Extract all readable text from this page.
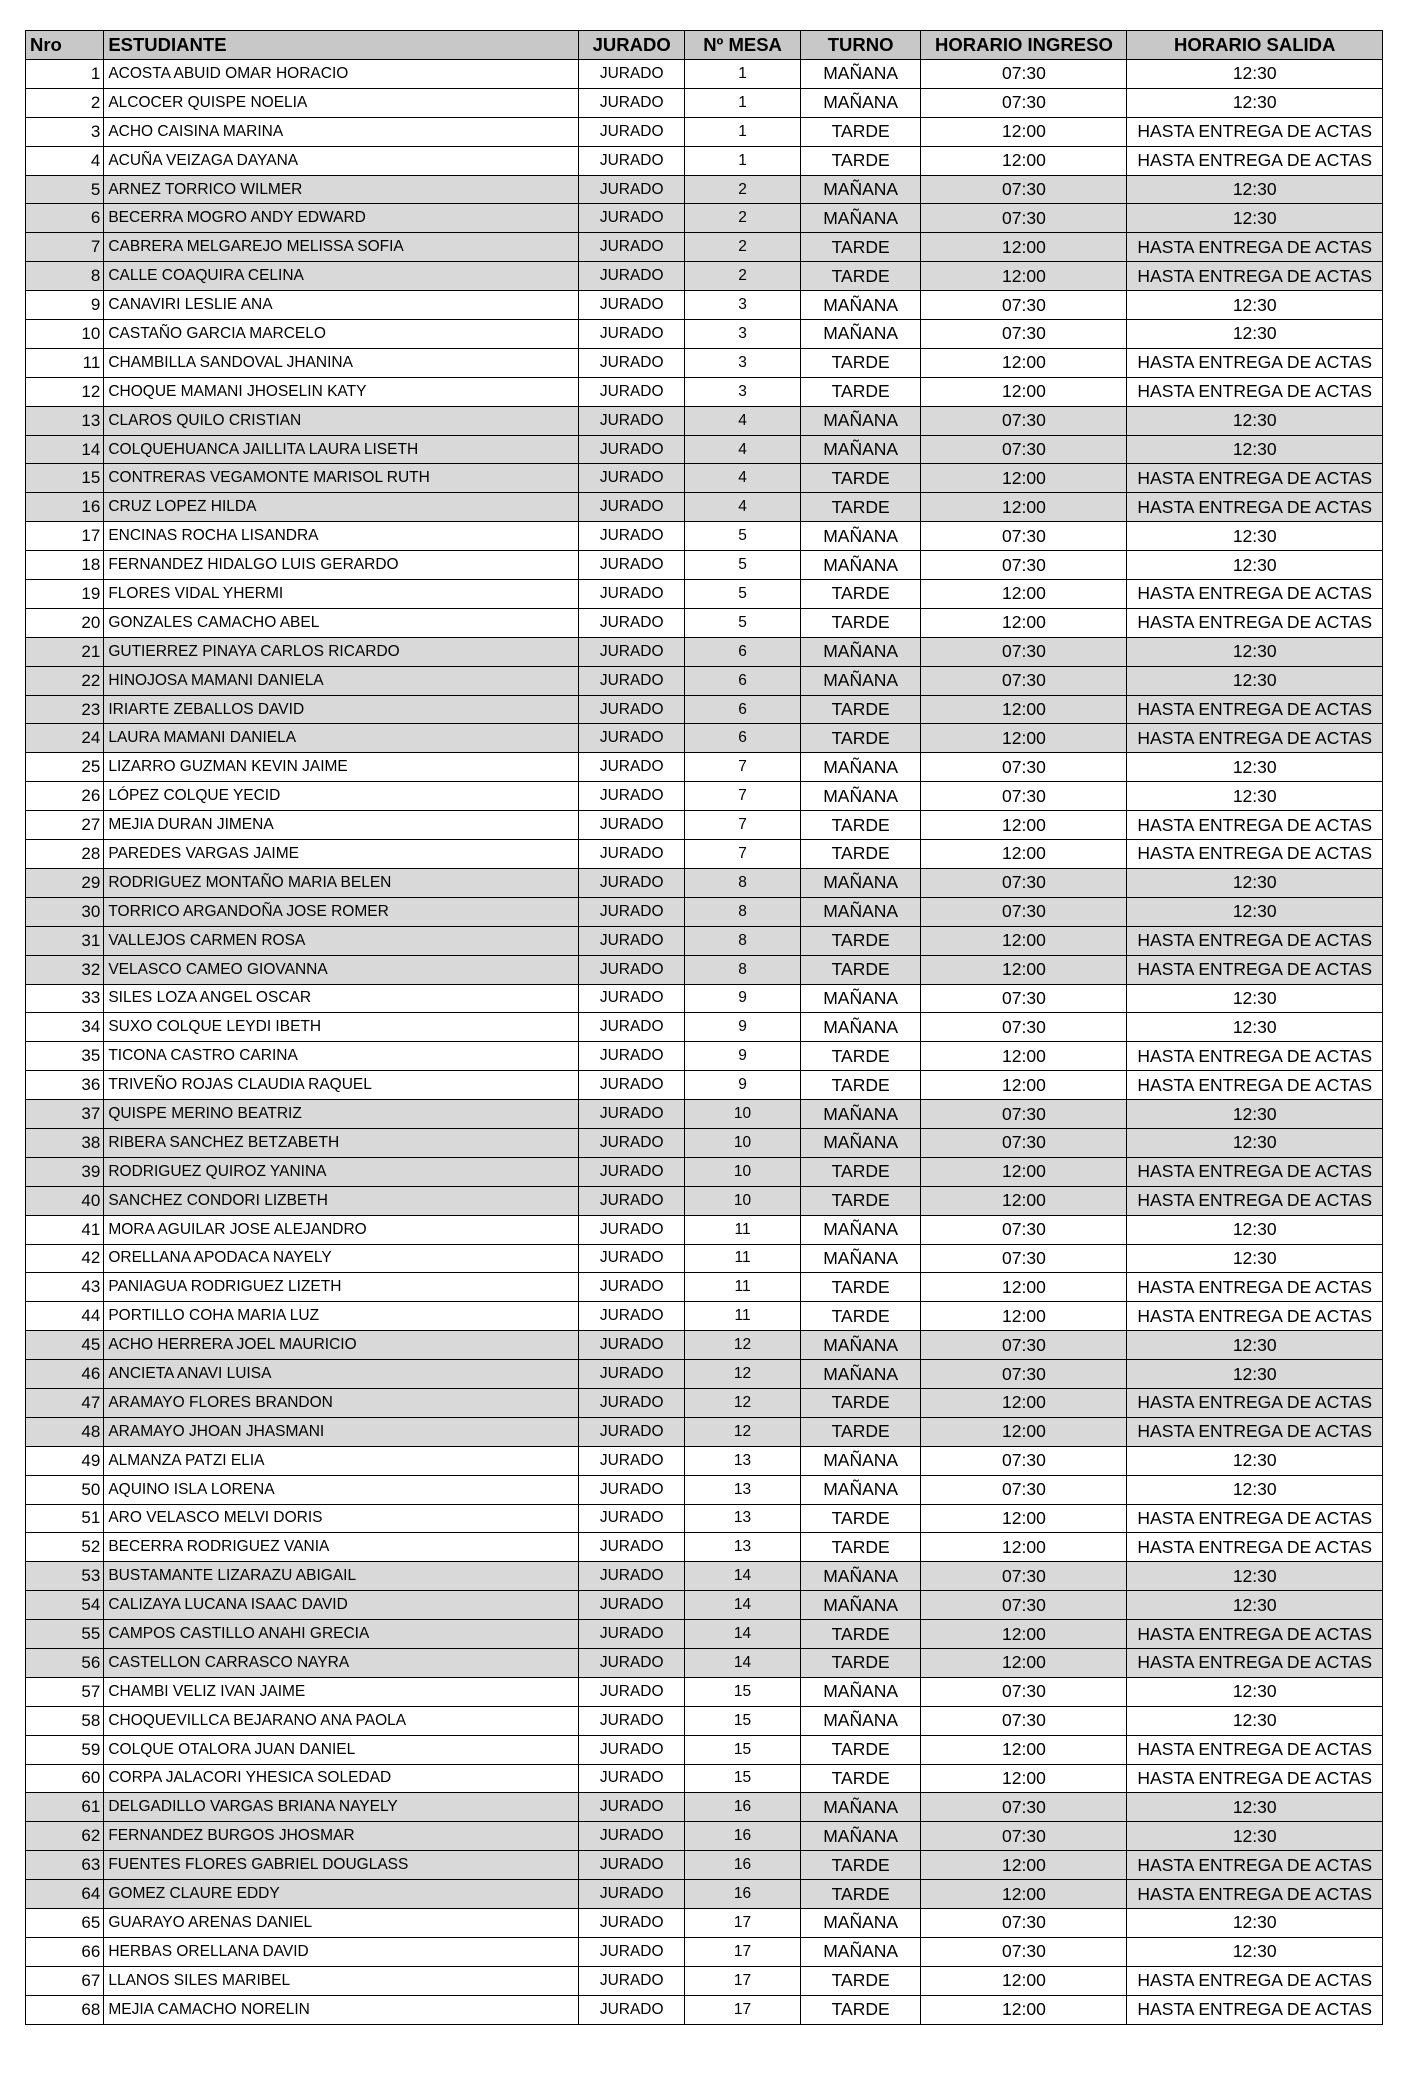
Nro	ESTUDIANTE	JURADO	Nº MESA	TURNO	HORARIO INGRESO	HORARIO SALIDA
1	ACOSTA ABUID OMAR HORACIO	JURADO	1	MAÑANA	07:30	12:30
2	ALCOCER QUISPE NOELIA	JURADO	1	MAÑANA	07:30	12:30
3	ACHO CAISINA MARINA	JURADO	1	TARDE	12:00	HASTA ENTREGA DE ACTAS
4	ACUÑA VEIZAGA DAYANA	JURADO	1	TARDE	12:00	HASTA ENTREGA DE ACTAS
5	ARNEZ TORRICO WILMER	JURADO	2	MAÑANA	07:30	12:30
6	BECERRA MOGRO ANDY EDWARD	JURADO	2	MAÑANA	07:30	12:30
7	CABRERA MELGAREJO MELISSA SOFIA	JURADO	2	TARDE	12:00	HASTA ENTREGA DE ACTAS
8	CALLE COAQUIRA CELINA	JURADO	2	TARDE	12:00	HASTA ENTREGA DE ACTAS
9	CANAVIRI LESLIE ANA	JURADO	3	MAÑANA	07:30	12:30
10	CASTAÑO GARCIA MARCELO	JURADO	3	MAÑANA	07:30	12:30
11	CHAMBILLA SANDOVAL JHANINA	JURADO	3	TARDE	12:00	HASTA ENTREGA DE ACTAS
12	CHOQUE MAMANI JHOSELIN KATY	JURADO	3	TARDE	12:00	HASTA ENTREGA DE ACTAS
13	CLAROS QUILO CRISTIAN	JURADO	4	MAÑANA	07:30	12:30
14	COLQUEHUANCA JAILLITA LAURA LISETH	JURADO	4	MAÑANA	07:30	12:30
15	CONTRERAS VEGAMONTE MARISOL RUTH	JURADO	4	TARDE	12:00	HASTA ENTREGA DE ACTAS
16	CRUZ LOPEZ HILDA	JURADO	4	TARDE	12:00	HASTA ENTREGA DE ACTAS
17	ENCINAS ROCHA LISANDRA	JURADO	5	MAÑANA	07:30	12:30
18	FERNANDEZ HIDALGO LUIS GERARDO	JURADO	5	MAÑANA	07:30	12:30
19	FLORES VIDAL YHERMI	JURADO	5	TARDE	12:00	HASTA ENTREGA DE ACTAS
20	GONZALES CAMACHO ABEL	JURADO	5	TARDE	12:00	HASTA ENTREGA DE ACTAS
21	GUTIERREZ PINAYA CARLOS RICARDO	JURADO	6	MAÑANA	07:30	12:30
22	HINOJOSA MAMANI DANIELA	JURADO	6	MAÑANA	07:30	12:30
23	IRIARTE ZEBALLOS DAVID	JURADO	6	TARDE	12:00	HASTA ENTREGA DE ACTAS
24	LAURA MAMANI DANIELA	JURADO	6	TARDE	12:00	HASTA ENTREGA DE ACTAS
25	LIZARRO GUZMAN KEVIN JAIME	JURADO	7	MAÑANA	07:30	12:30
26	LÓPEZ COLQUE YECID	JURADO	7	MAÑANA	07:30	12:30
27	MEJIA DURAN JIMENA	JURADO	7	TARDE	12:00	HASTA ENTREGA DE ACTAS
28	PAREDES VARGAS JAIME	JURADO	7	TARDE	12:00	HASTA ENTREGA DE ACTAS
29	RODRIGUEZ MONTAÑO MARIA BELEN	JURADO	8	MAÑANA	07:30	12:30
30	TORRICO ARGANDOÑA JOSE ROMER	JURADO	8	MAÑANA	07:30	12:30
31	VALLEJOS CARMEN ROSA	JURADO	8	TARDE	12:00	HASTA ENTREGA DE ACTAS
32	VELASCO CAMEO GIOVANNA	JURADO	8	TARDE	12:00	HASTA ENTREGA DE ACTAS
33	SILES LOZA ANGEL OSCAR	JURADO	9	MAÑANA	07:30	12:30
34	SUXO COLQUE LEYDI IBETH	JURADO	9	MAÑANA	07:30	12:30
35	TICONA CASTRO CARINA	JURADO	9	TARDE	12:00	HASTA ENTREGA DE ACTAS
36	TRIVEÑO ROJAS CLAUDIA RAQUEL	JURADO	9	TARDE	12:00	HASTA ENTREGA DE ACTAS
37	QUISPE MERINO BEATRIZ	JURADO	10	MAÑANA	07:30	12:30
38	RIBERA SANCHEZ BETZABETH	JURADO	10	MAÑANA	07:30	12:30
39	RODRIGUEZ QUIROZ YANINA	JURADO	10	TARDE	12:00	HASTA ENTREGA DE ACTAS
40	SANCHEZ CONDORI LIZBETH	JURADO	10	TARDE	12:00	HASTA ENTREGA DE ACTAS
41	MORA AGUILAR JOSE ALEJANDRO	JURADO	11	MAÑANA	07:30	12:30
42	ORELLANA APODACA NAYELY	JURADO	11	MAÑANA	07:30	12:30
43	PANIAGUA RODRIGUEZ LIZETH	JURADO	11	TARDE	12:00	HASTA ENTREGA DE ACTAS
44	PORTILLO COHA MARIA LUZ	JURADO	11	TARDE	12:00	HASTA ENTREGA DE ACTAS
45	ACHO HERRERA JOEL MAURICIO	JURADO	12	MAÑANA	07:30	12:30
46	ANCIETA ANAVI LUISA	JURADO	12	MAÑANA	07:30	12:30
47	ARAMAYO FLORES BRANDON	JURADO	12	TARDE	12:00	HASTA ENTREGA DE ACTAS
48	ARAMAYO JHOAN JHASMANI	JURADO	12	TARDE	12:00	HASTA ENTREGA DE ACTAS
49	ALMANZA PATZI ELIA	JURADO	13	MAÑANA	07:30	12:30
50	AQUINO ISLA LORENA	JURADO	13	MAÑANA	07:30	12:30
51	ARO VELASCO MELVI DORIS	JURADO	13	TARDE	12:00	HASTA ENTREGA DE ACTAS
52	BECERRA RODRIGUEZ VANIA	JURADO	13	TARDE	12:00	HASTA ENTREGA DE ACTAS
53	BUSTAMANTE LIZARAZU ABIGAIL	JURADO	14	MAÑANA	07:30	12:30
54	CALIZAYA LUCANA ISAAC DAVID	JURADO	14	MAÑANA	07:30	12:30
55	CAMPOS CASTILLO ANAHI GRECIA	JURADO	14	TARDE	12:00	HASTA ENTREGA DE ACTAS
56	CASTELLON CARRASCO NAYRA	JURADO	14	TARDE	12:00	HASTA ENTREGA DE ACTAS
57	CHAMBI VELIZ IVAN JAIME	JURADO	15	MAÑANA	07:30	12:30
58	CHOQUEVILLCA BEJARANO ANA PAOLA	JURADO	15	MAÑANA	07:30	12:30
59	COLQUE OTALORA JUAN DANIEL	JURADO	15	TARDE	12:00	HASTA ENTREGA DE ACTAS
60	CORPA JALACORI YHESICA SOLEDAD	JURADO	15	TARDE	12:00	HASTA ENTREGA DE ACTAS
61	DELGADILLO VARGAS BRIANA NAYELY	JURADO	16	MAÑANA	07:30	12:30
62	FERNANDEZ BURGOS JHOSMAR	JURADO	16	MAÑANA	07:30	12:30
63	FUENTES FLORES GABRIEL DOUGLASS	JURADO	16	TARDE	12:00	HASTA ENTREGA DE ACTAS
64	GOMEZ CLAURE EDDY	JURADO	16	TARDE	12:00	HASTA ENTREGA DE ACTAS
65	GUARAYO ARENAS DANIEL	JURADO	17	MAÑANA	07:30	12:30
66	HERBAS ORELLANA DAVID	JURADO	17	MAÑANA	07:30	12:30
67	LLANOS SILES MARIBEL	JURADO	17	TARDE	12:00	HASTA ENTREGA DE ACTAS
68	MEJIA CAMACHO NORELIN	JURADO	17	TARDE	12:00	HASTA ENTREGA DE ACTAS
